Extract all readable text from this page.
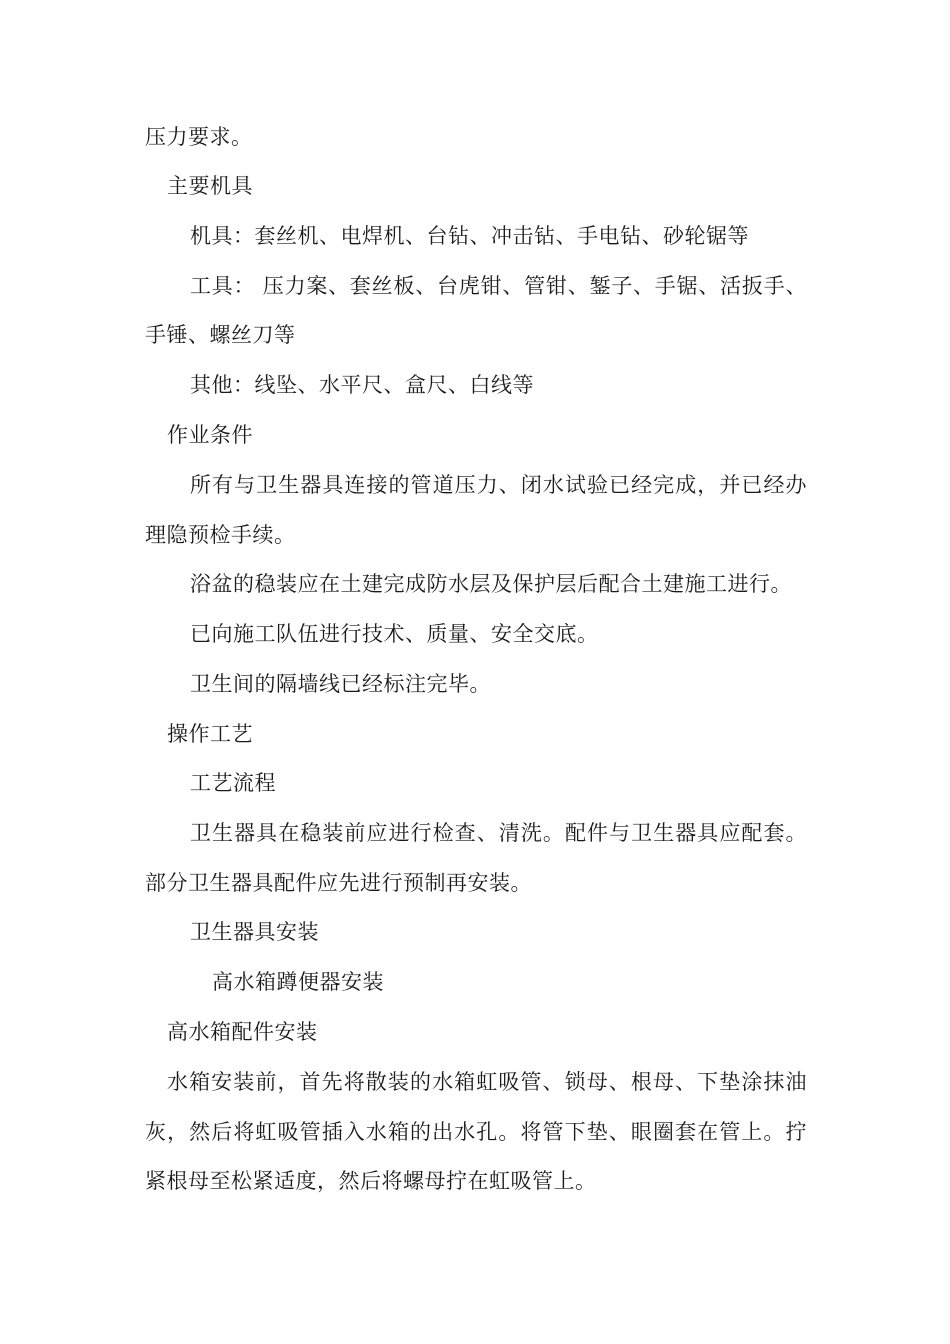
压力要求。
主要机具
机具：套丝机、电焊机、台钻、冲击钻、手电钻、砂轮锯等
工具： 压力案、套丝板、台虎钳、管钳、錾子、手锯、活扳手、
手锤、螺丝刀等
其他：线坠、水平尺、盒尺、白线等
作业条件
所有与卫生器具连接的管道压力、闭水试验已经完成，并已经办
理隐预检手续。
浴盆的稳装应在土建完成防水层及保护层后配合土建施工进行。
已向施工队伍进行技术、质量、安全交底。
卫生间的隔墙线已经标注完毕。
操作工艺
工艺流程
卫生器具在稳装前应进行检查、清洗。配件与卫生器具应配套。
部分卫生器具配件应先进行预制再安装。
卫生器具安装
高水箱蹲便器安装
高水箱配件安装
水箱安装前，首先将散装的水箱虹吸管、锁母、根母、下垫涂抹油
灰，然后将虹吸管插入水箱的出水孔。将管下垫、眼圈套在管上。拧
紧根母至松紧适度，然后将螺母拧在虹吸管上。
